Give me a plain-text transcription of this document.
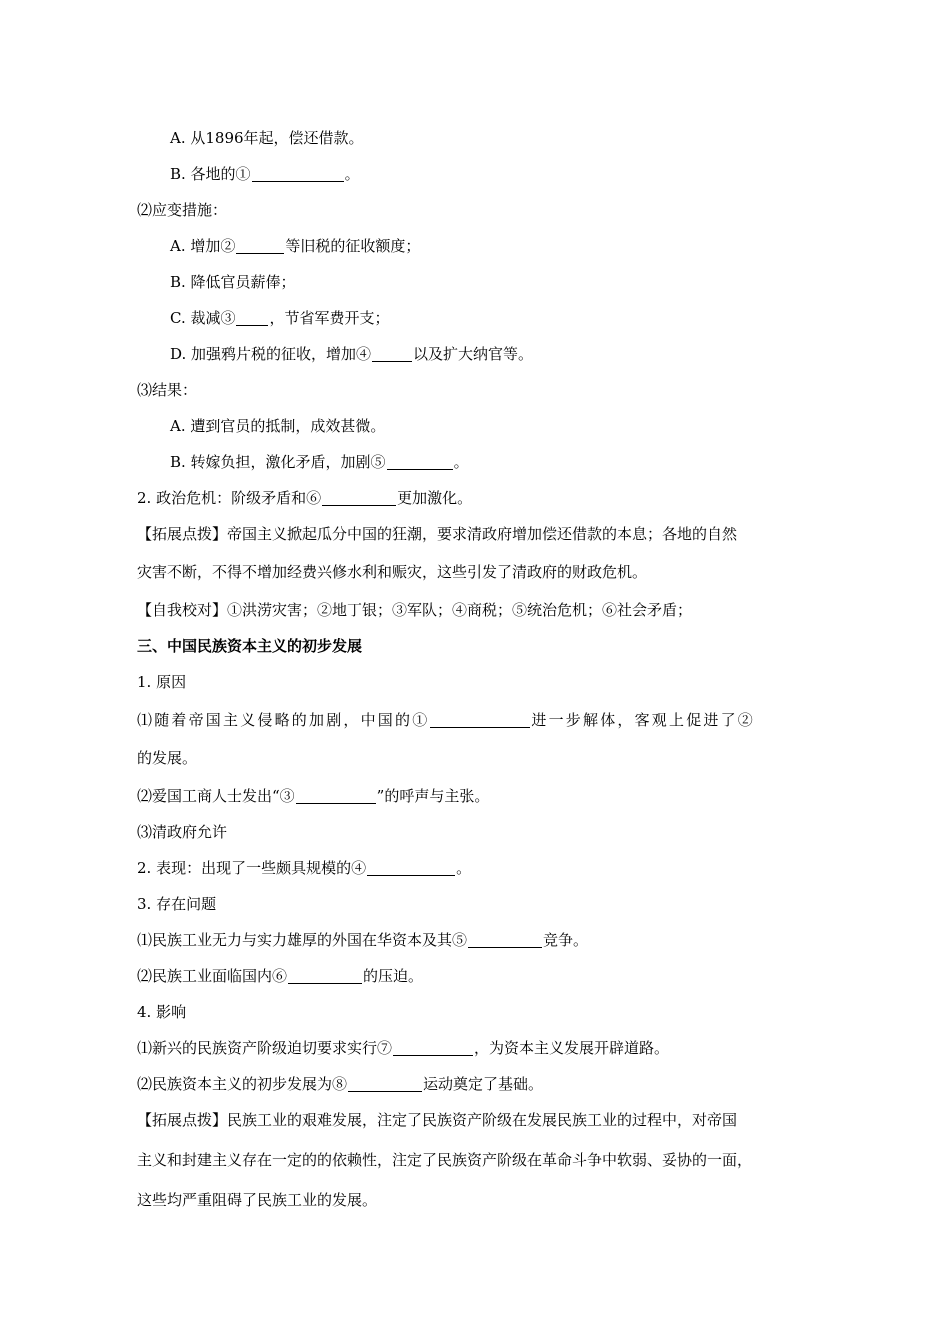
A. 从1896年起，偿还借款。
B. 各地的①	。
⑵应变措施：
A. 增加②	等旧税的征收额度；
B. 降低官员薪俸；
C. 裁减③ ，节省军费开支；
D. 加强鸦片税的征收，增加④	以及扩大纳官等。
⑶结果：
A. 遭到官员的抵制，成效甚微。
B. 转嫁负担，激化矛盾，加剧⑤	。
2. 政治危机：阶级矛盾和⑥	更加激化。
【拓展点拨】帝国主义掀起瓜分中国的狂潮，要求清政府增加偿还借款的本息；各地的自然
灾害不断，不得不增加经费兴修水利和赈灾，这些引发了清政府的财政危机。
【自我校对】①洪涝灾害；②地丁银；③军队；④商税；⑤统治危机；⑥社会矛盾；
三、中国民族资本主义的初步发展
1. 原因
⑴随着帝国主义侵略的加剧，中国的①	进一步解体，客观上促进了②
的发展。
⑵爱国工商人士发出“③	”的呼声与主张。
⑶清政府允许
2. 表现：出现了一些颇具规模的④	。
3. 存在问题
⑴民族工业无力与实力雄厚的外国在华资本及其⑤	竞争。
⑵民族工业面临国内⑥	的压迫。
4. 影响
⑴新兴的民族资产阶级迫切要求实行⑦	，为资本主义发展开辟道路。
⑵民族资本主义的初步发展为⑧	运动奠定了基础。
【拓展点拨】民族工业的艰难发展，注定了民族资产阶级在发展民族工业的过程中，对帝国
主义和封建主义存在一定的的依赖性，注定了民族资产阶级在革命斗争中软弱、妥协的一面，
这些均严重阻碍了民族工业的发展。
